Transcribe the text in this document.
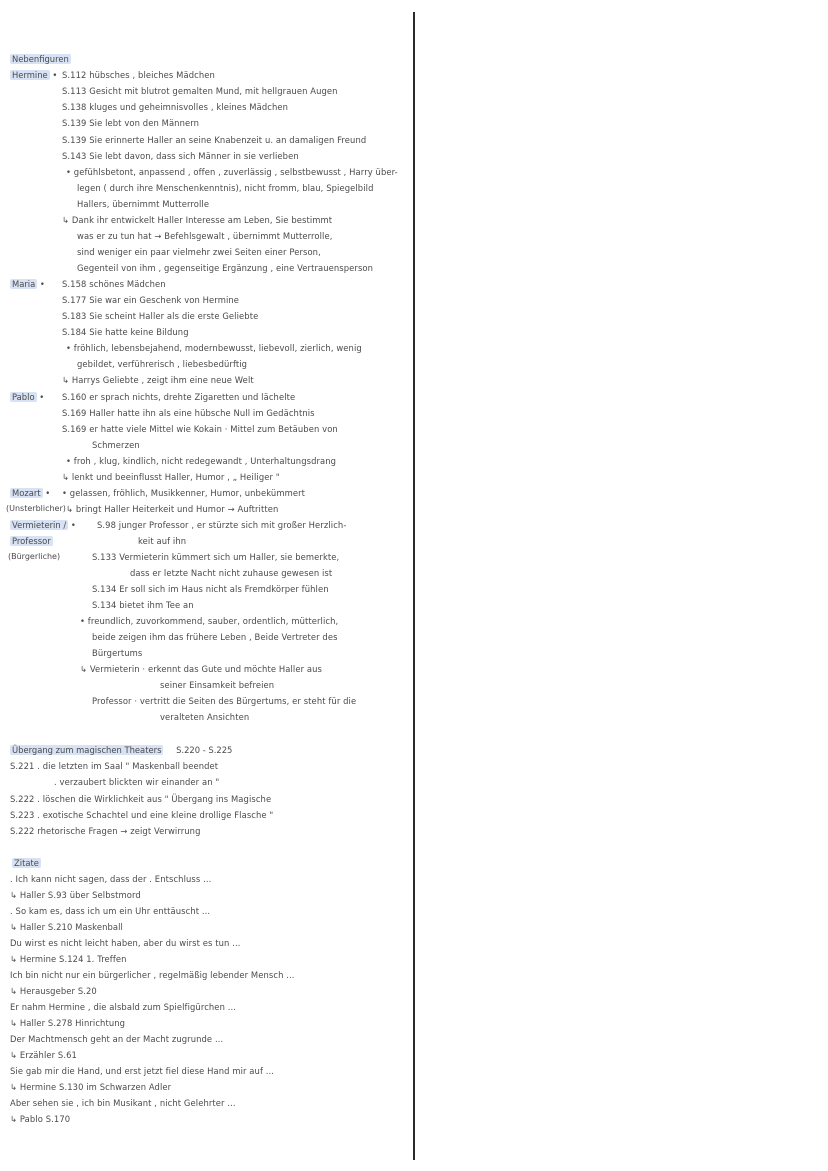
Nebenfiguren
Hermine • S.112 hübsches , bleiches Mädchen
S.113 Gesicht mit blutrot gemalten Mund, mit hellgrauen Augen
S.138 kluges und geheimnisvolles , kleines Mädchen
S.139 Sie lebt von den Männern
S.139 Sie erinnerte Haller an seine Knabenzeit u. an damaligen Freund
S.143 Sie lebt davon, dass sich Männer in sie verlieben
• gefühlsbetont, anpassend , offen , zuverlässig , selbstbewusst , Harry über-
legen ( durch ihre Menschenkenntnis), nicht fromm, blau, Spiegelbild
Hallers, übernimmt Mutterrolle
↳ Dank ihr entwickelt Haller Interesse am Leben, Sie bestimmt
was er zu tun hat → Befehlsgewalt , übernimmt Mutterrolle,
sind weniger ein paar vielmehr zwei Seiten einer Person,
Gegenteil von ihm , gegenseitige Ergänzung , eine Vertrauensperson
Maria • S.158 schönes Mädchen
S.177 Sie war ein Geschenk von Hermine
S.183 Sie scheint Haller als die erste Geliebte
S.184 Sie hatte keine Bildung
• fröhlich, lebensbejahend, modernbewusst, liebevoll, zierlich, wenig
gebildet, verführerisch , liebesbedürftig
↳ Harrys Geliebte , zeigt ihm eine neue Welt
Pablo • S.160 er sprach nichts, drehte Zigaretten und lächelte
S.169 Haller hatte ihn als eine hübsche Null im Gedächtnis
S.169 er hatte viele Mittel wie Kokain · Mittel zum Betäuben von
Schmerzen
• froh , klug, kindlich, nicht redegewandt , Unterhaltungsdrang
↳ lenkt und beeinflusst Haller, Humor , „ Heiliger "
Mozart • • gelassen, fröhlich, Musikkenner, Humor, unbekümmert
(Unsterblicher) ↳ bringt Haller Heiterkeit und Humor → Auftritten
Vermieterin / •
Professor
(Bürgerliche)
S.98 junger Professor , er stürzte sich mit großer Herzlich-
keit auf ihn
S.133 Vermieterin kümmert sich um Haller, sie bemerkte,
dass er letzte Nacht nicht zuhause gewesen ist
S.134 Er soll sich im Haus nicht als Fremdkörper fühlen
S.134 bietet ihm Tee an
• freundlich, zuvorkommend, sauber, ordentlich, mütterlich,
beide zeigen ihm das frühere Leben , Beide Vertreter des
Bürgertums
↳ Vermieterin · erkennt das Gute und möchte Haller aus
seiner Einsamkeit befreien
Professor · vertritt die Seiten des Bürgertums, er steht für die
veralteten Ansichten
Übergang zum magischen Theaters S.220 - S.225
S.221 . die letzten im Saal " Maskenball beendet
. verzaubert blickten wir einander an "
S.222 . löschen die Wirklichkeit aus " Übergang ins Magische
S.223 . exotische Schachtel und eine kleine drollige Flasche "
S.222 rhetorische Fragen → zeigt Verwirrung
Zitate
. Ich kann nicht sagen, dass der . Entschluss ...
↳ Haller S.93 über Selbstmord
. So kam es, dass ich um ein Uhr enttäuscht ...
↳ Haller S.210 Maskenball
Du wirst es nicht leicht haben, aber du wirst es tun ...
↳ Hermine S.124 1. Treffen
Ich bin nicht nur ein bürgerlicher , regelmäßig lebender Mensch ...
↳ Herausgeber S.20
Er nahm Hermine , die alsbald zum Spielfigürchen ...
↳ Haller S.278 Hinrichtung
Der Machtmensch geht an der Macht zugrunde ...
↳ Erzähler S.61
Sie gab mir die Hand, und erst jetzt fiel diese Hand mir auf ...
↳ Hermine S.130 im Schwarzen Adler
Aber sehen sie , ich bin Musikant , nicht Gelehrter ...
↳ Pablo S.170
